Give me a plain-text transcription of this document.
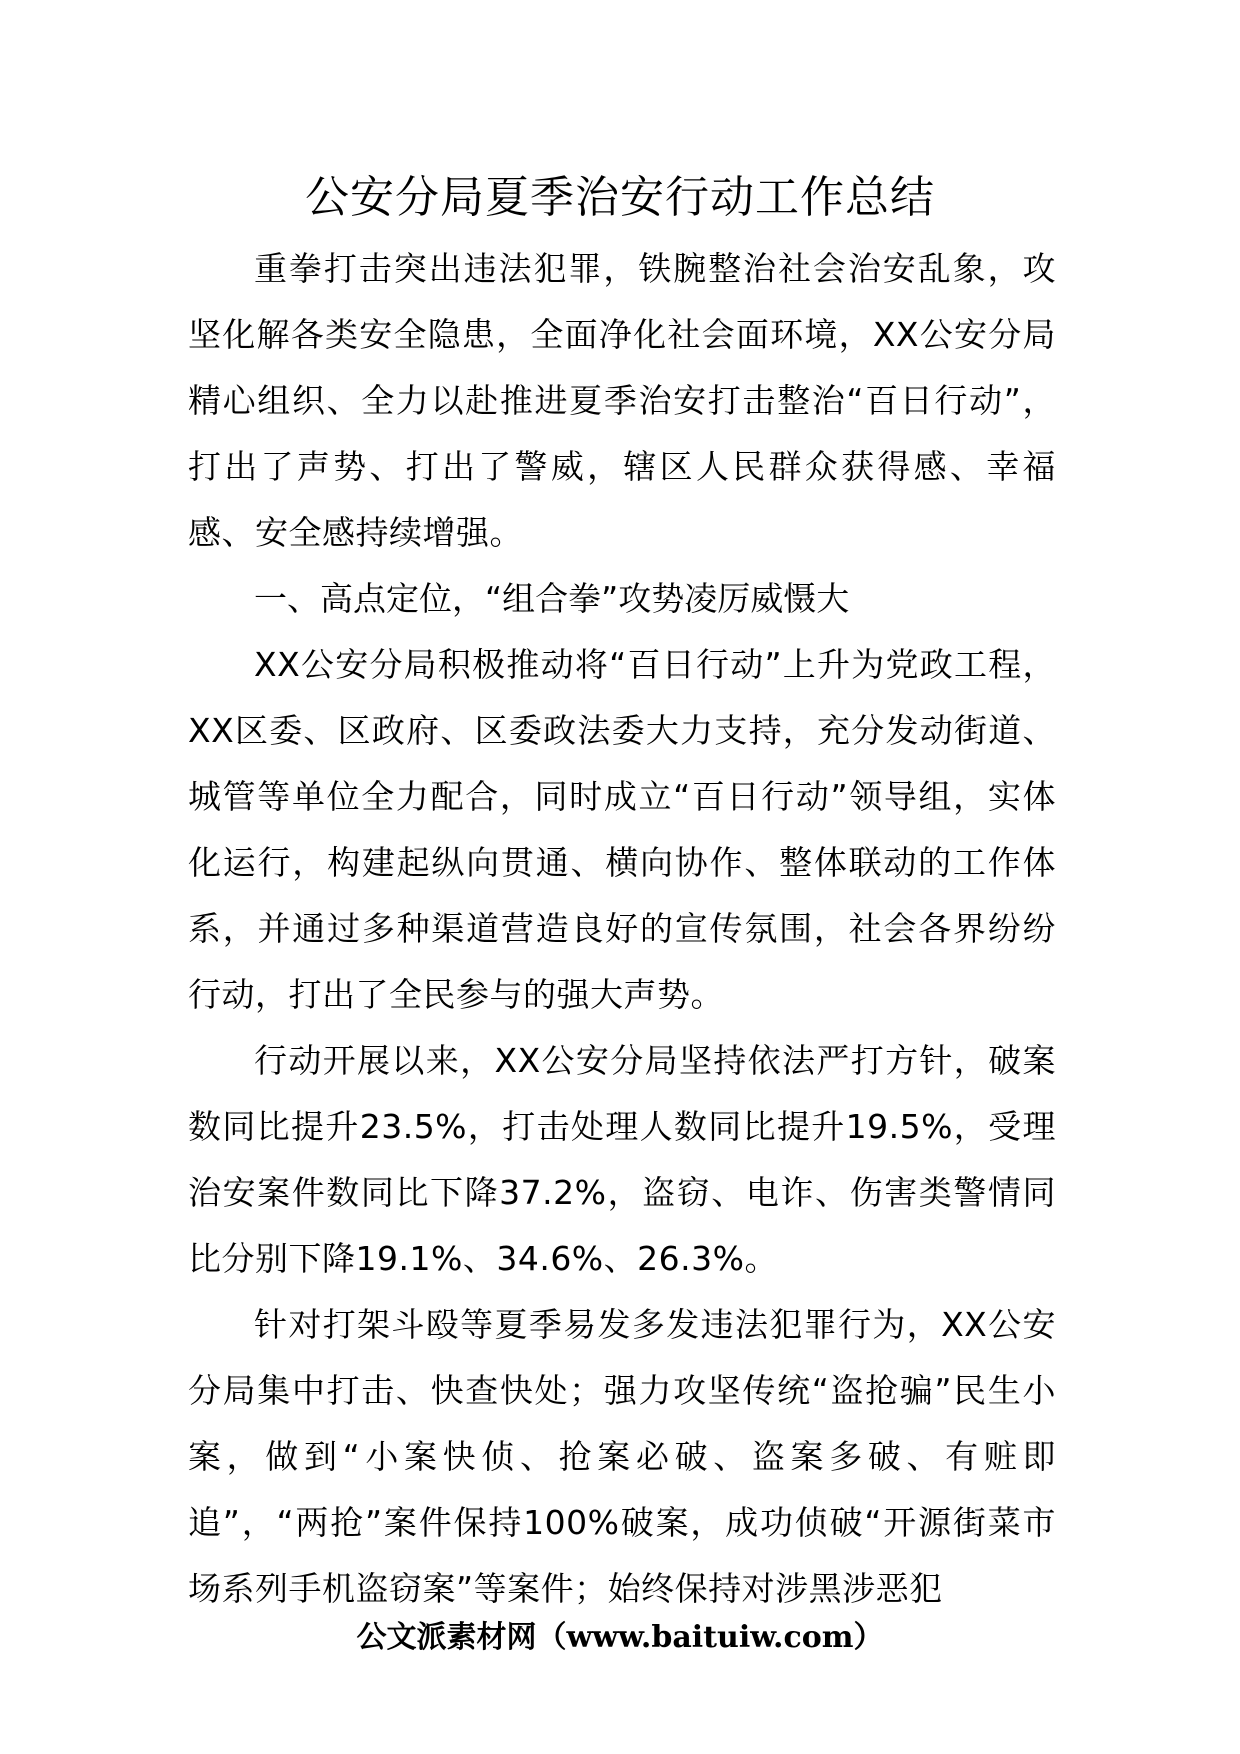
公安分局夏季治安行动工作总结

重拳打击突出违法犯罪，铁腕整治社会治安乱象，攻坚化解各类安全隐患，全面净化社会面环境，XX公安分局精心组织、全力以赴推进夏季治安打击整治“百日行动”，打出了声势、打出了警威，辖区人民群众获得感、幸福感、安全感持续增强。

一、高点定位，“组合拳”攻势凌厉威慑大

XX公安分局积极推动将“百日行动”上升为党政工程，XX区委、区政府、区委政法委大力支持，充分发动街道、城管等单位全力配合，同时成立“百日行动”领导组，实体化运行，构建起纵向贯通、横向协作、整体联动的工作体系，并通过多种渠道营造良好的宣传氛围，社会各界纷纷行动，打出了全民参与的强大声势。

行动开展以来，XX公安分局坚持依法严打方针，破案数同比提升23.5%，打击处理人数同比提升19.5%，受理治安案件数同比下降37.2%，盗窃、电诈、伤害类警情同比分别下降19.1%、34.6%、26.3%。

针对打架斗殴等夏季易发多发违法犯罪行为，XX公安分局集中打击、快查快处；强力攻坚传统“盗抢骗”民生小案，做到“小案快侦、抢案必破、盗案多破、有赃即追”，“两抢”案件保持100%破案，成功侦破“开源街菜市场系列手机盗窃案”等案件；始终保持对涉黑涉恶犯

公文派素材网（www.baituiw.com）
